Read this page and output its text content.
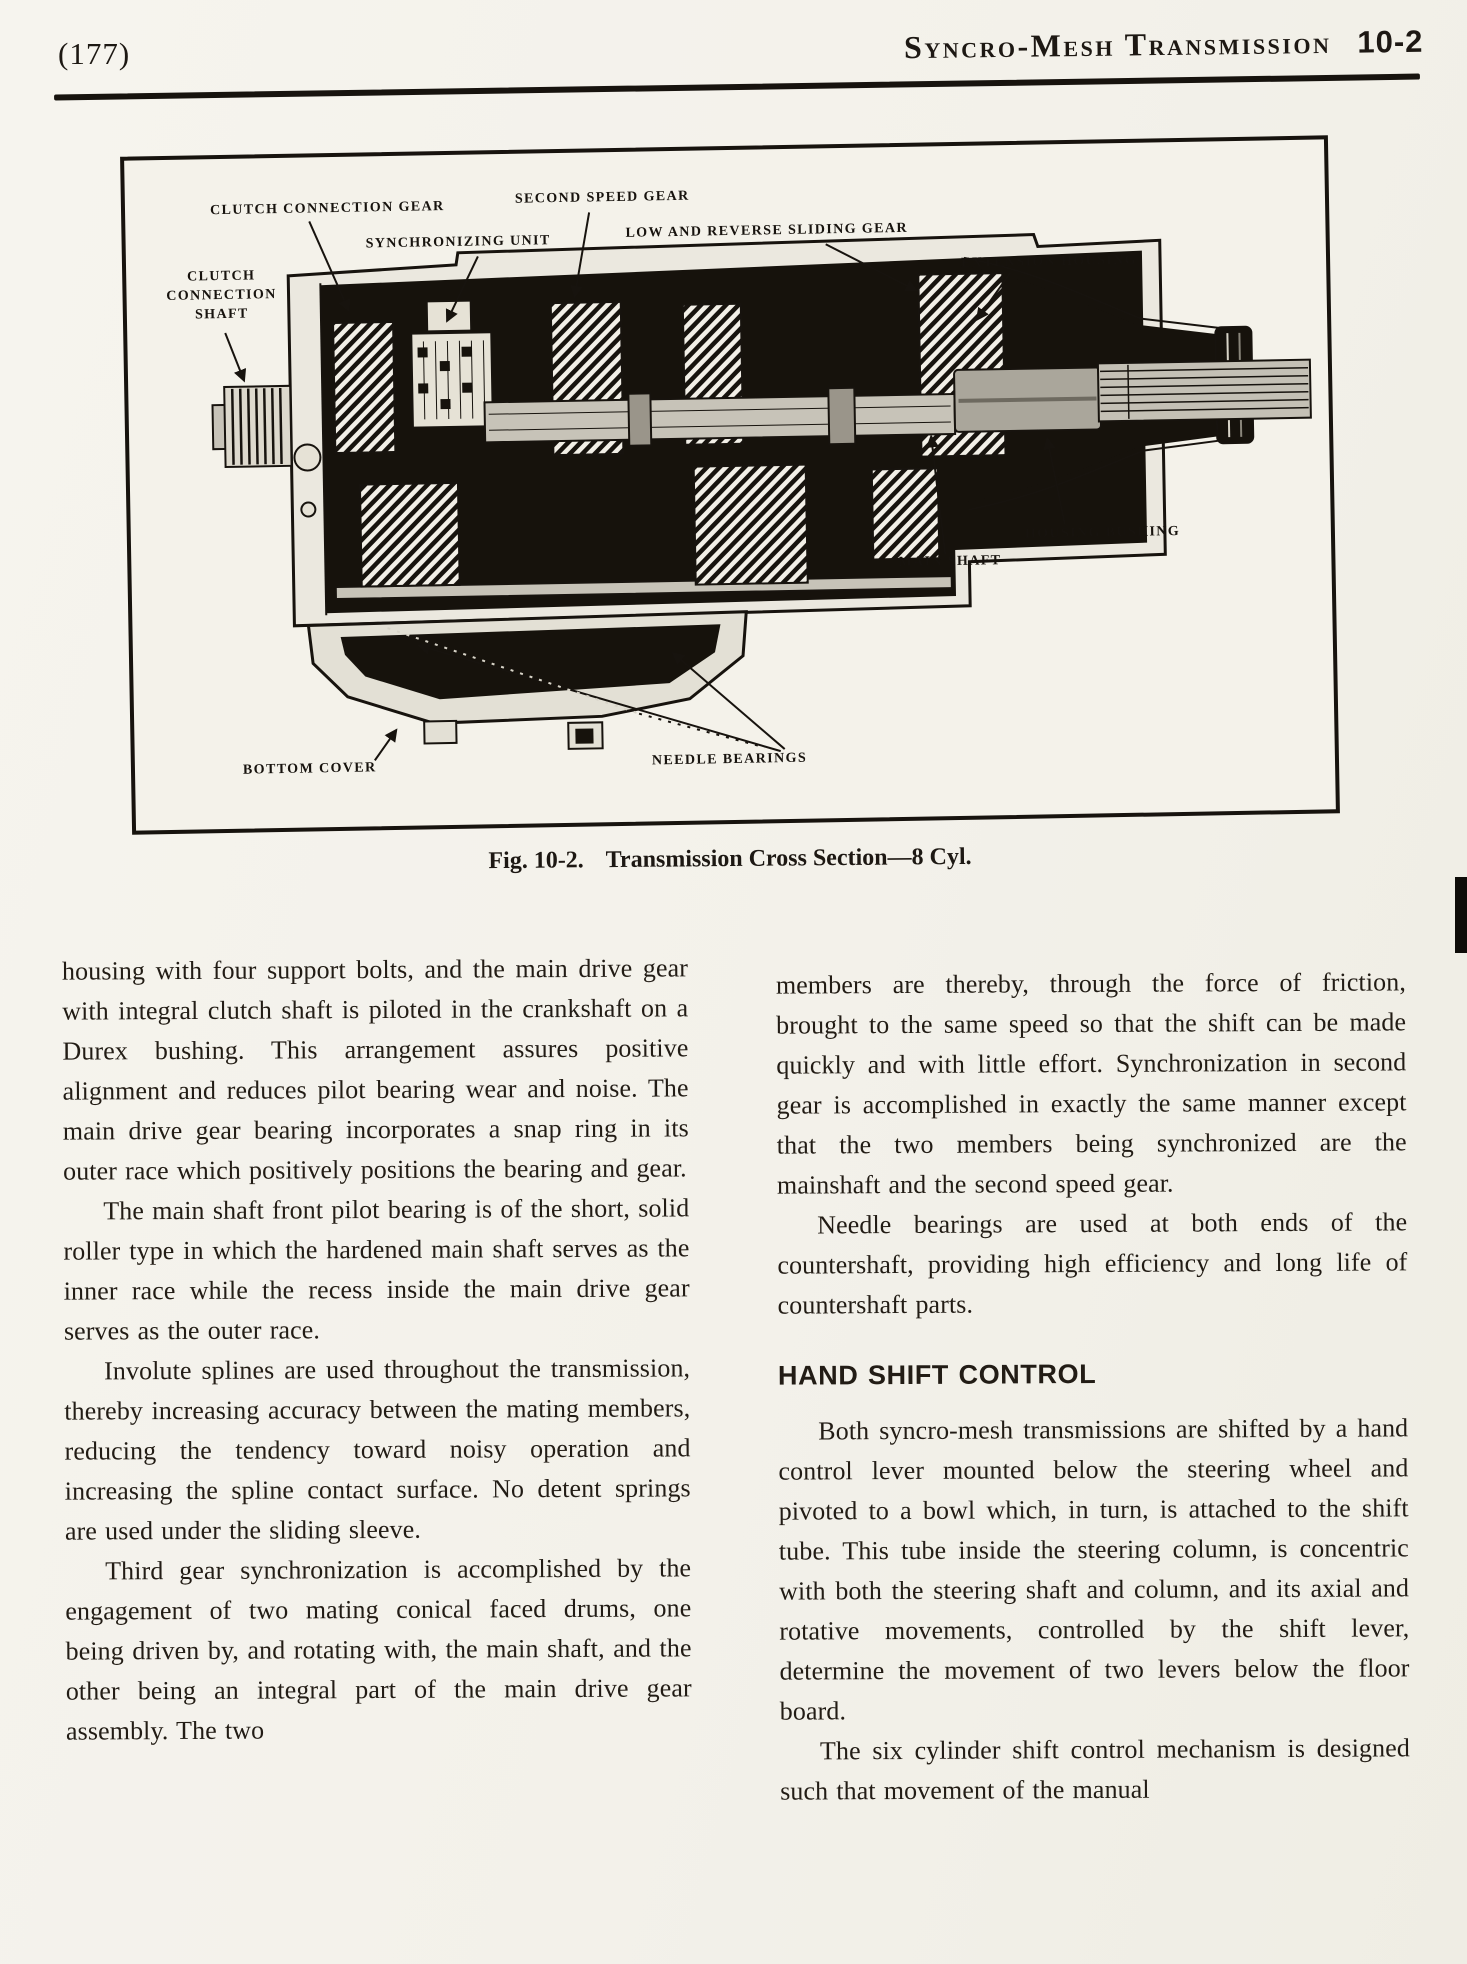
(177)	Syncro-Mesh Transmission 10-2
CLUTCH CONNECTION GEAR
SECOND SPEED GEAR
SYNCHRONIZING UNIT
LOW AND REVERSE SLIDING GEAR
CLUTCH
CONNECTION
SHAFT
EXTENSION HOUSING
HOUSING BUSHING
MAIN SHAFT
BOTTOM COVER
NEEDLE BEARINGS
Fig. 10-2. Transmission Cross Section—8 Cyl.

housing with four support bolts, and the main drive gear with integral clutch shaft is piloted in the crankshaft on a Durex bushing. This arrangement assures positive alignment and reduces pilot bearing wear and noise. The main drive gear bearing incorporates a snap ring in its outer race which positively positions the bearing and gear.

The main shaft front pilot bearing is of the short, solid roller type in which the hardened main shaft serves as the inner race while the recess inside the main drive gear serves as the outer race.

Involute splines are used throughout the transmission, thereby increasing accuracy between the mating members, reducing the tendency toward noisy operation and increasing the spline contact surface. No detent springs are used under the sliding sleeve.

Third gear synchronization is accomplished by the engagement of two mating conical faced drums, one being driven by, and rotating with, the main shaft, and the other being an integral part of the main drive gear assembly. The two

members are thereby, through the force of friction, brought to the same speed so that the shift can be made quickly and with little effort. Synchronization in second gear is accomplished in exactly the same manner except that the two members being synchronized are the mainshaft and the second speed gear.

Needle bearings are used at both ends of the countershaft, providing high efficiency and long life of countershaft parts.

HAND SHIFT CONTROL

Both syncro-mesh transmissions are shifted by a hand control lever mounted below the steering wheel and pivoted to a bowl which, in turn, is attached to the shift tube. This tube inside the steering column, is concentric with both the steering shaft and column, and its axial and rotative movements, controlled by the shift lever, determine the movement of two levers below the floor board.

The six cylinder shift control mechanism is designed such that movement of the manual
